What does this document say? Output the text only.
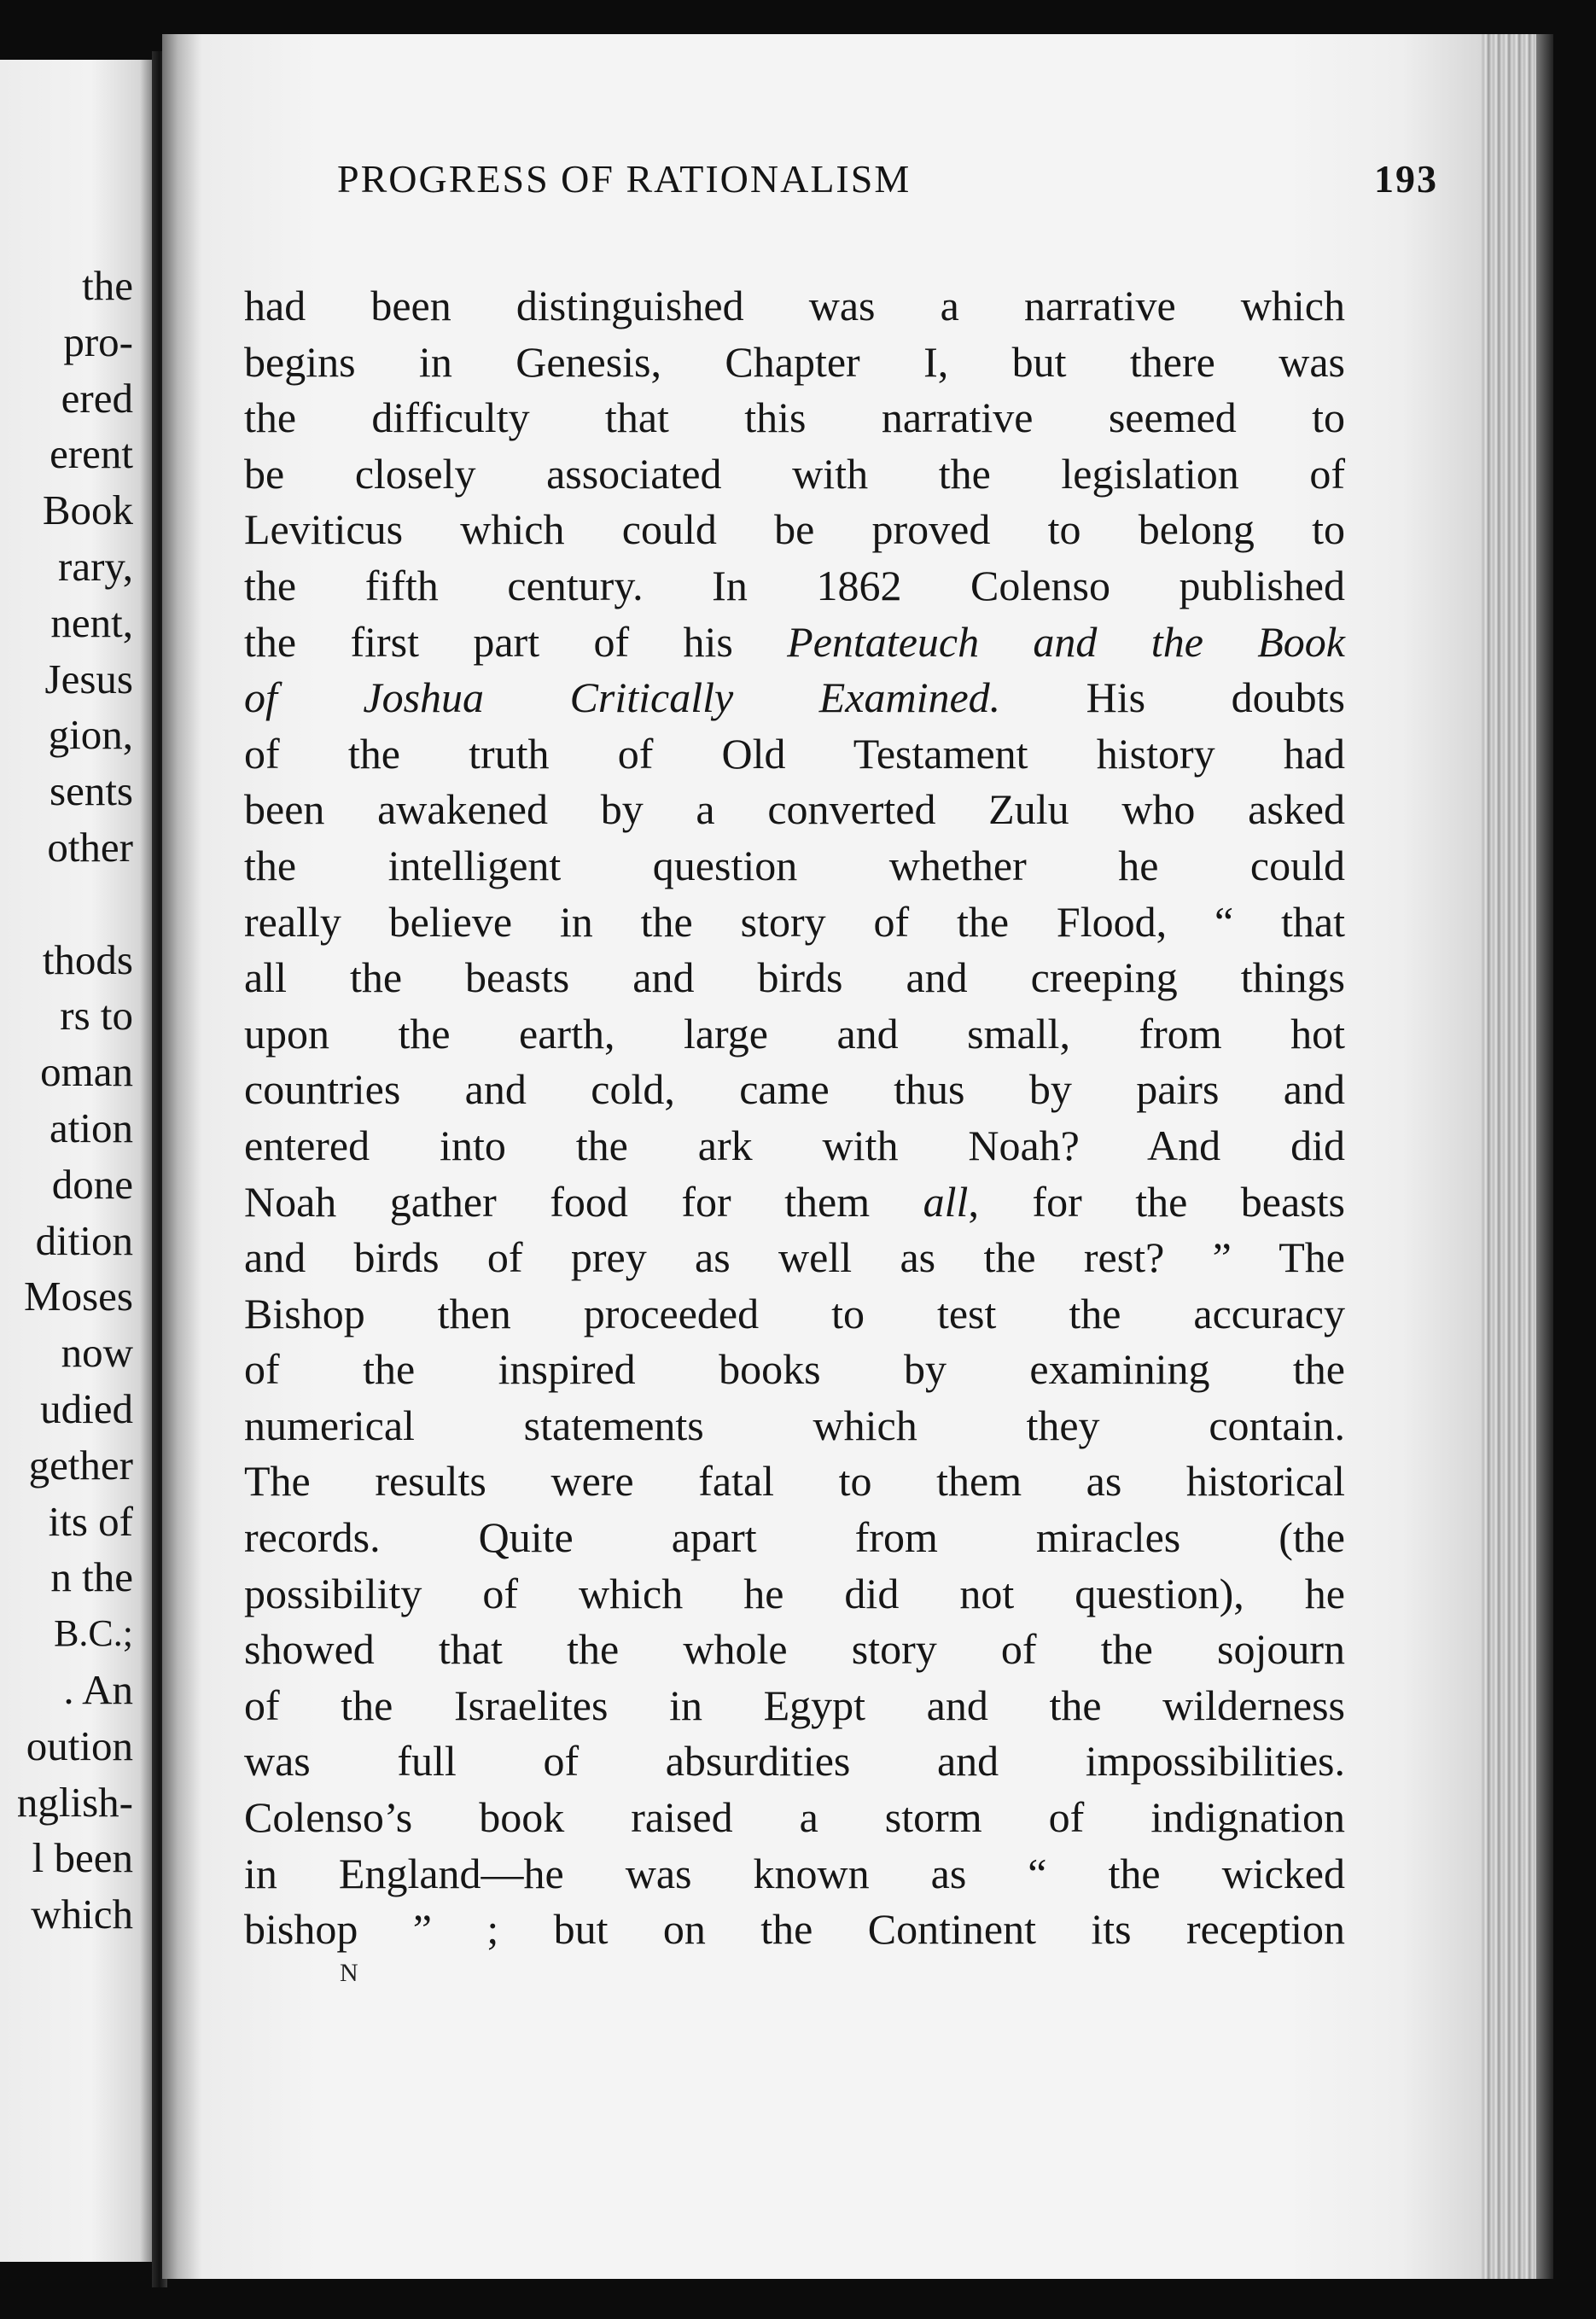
the
pro-
ered
erent
Book
rary,
nent,
Jesus
gion,
sents
other
thods
rs to
oman
ation
done
dition
Moses
now
udied
gether
its of
n the
B.C.;
. An
oution
nglish-
l been
which
PROGRESS OF RATIONALISM	193
had been distinguished was a narrative which
begins in Genesis, Chapter I, but there was
the difficulty that this narrative seemed to
be closely associated with the legislation of
Leviticus which could be proved to belong to
the fifth century. In 1862 Colenso published
the first part of his Pentateuch and the Book
of Joshua Critically Examined. His doubts
of the truth of Old Testament history had
been awakened by a converted Zulu who asked
the intelligent question whether he could
really believe in the story of the Flood, “ that
all the beasts and birds and creeping things
upon the earth, large and small, from hot
countries and cold, came thus by pairs and
entered into the ark with Noah? And did
Noah gather food for them all, for the beasts
and birds of prey as well as the rest? ” The
Bishop then proceeded to test the accuracy
of the inspired books by examining the
numerical statements which they contain.
The results were fatal to them as historical
records. Quite apart from miracles (the
possibility of which he did not question), he
showed that the whole story of the sojourn
of the Israelites in Egypt and the wilderness
was full of absurdities and impossibilities.
Colenso’s book raised a storm of indignation
in England—he was known as “ the wicked
bishop ” ; but on the Continent its reception
N
